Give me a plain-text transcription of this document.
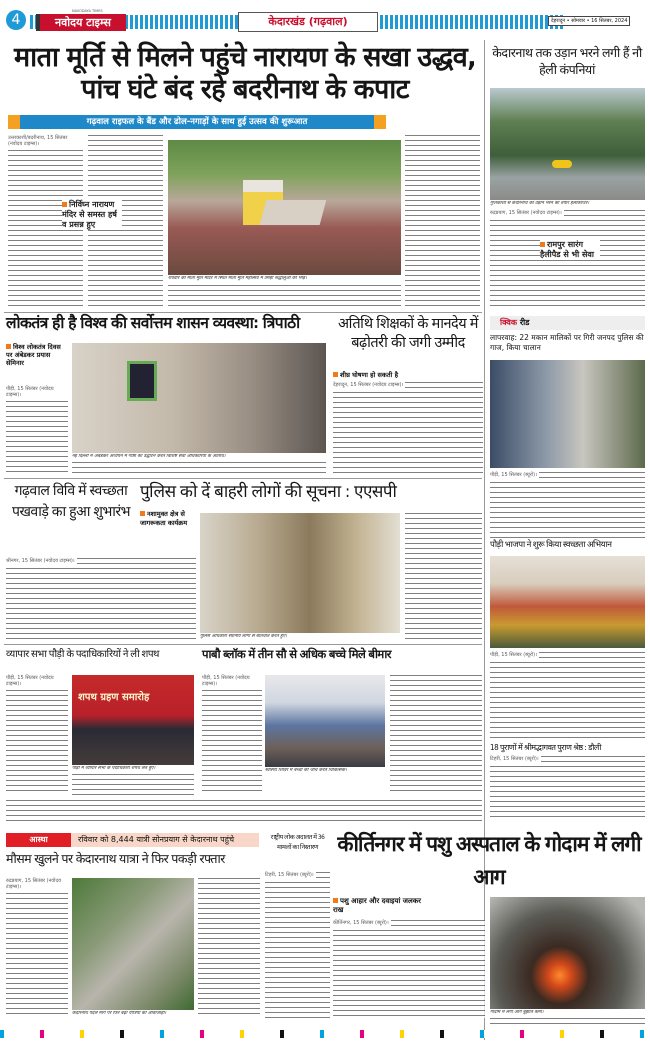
4
NAVODAYA TIMES
नवोदय टाइम्स	केदारखंड (गढ़वाल)	देहरादून • सोमवार • 16 सितंबर, 2024
माता मूर्ति से मिलने पहुंचे नारायण के सखा उद्धव, पांच घंटे बंद रहे बदरीनाथ के कपाट
गढ़वाल राइफल के बैंड और ढोल-नगाड़ों के साथ हुई उत्सव की शुरूआत
उत्तरकाशी/बदरीनाथ, 15 सितंबर (नवोदय टाइम्स)।
निर्विघ्न नारायण मंदिर से समस्त हर्ष व प्रसन्न हुए
रविवार को माता मूर्ति मंदिर में स्थित माता मूर्ति महोत्सव में उमड़ी श्रद्धालुओं की भीड़।
केदारनाथ तक उड़ान भरने लगी हैं नौ हेली कंपनियां
गुप्तकाशी से केदारनाथ को उड़ान भरने को तैयार हेलीकॉप्टर।
रुद्रप्रयाग, 15 सितंबर (नवोदय टाइम्स)।
रामपुर सारंग हैलीपैड से भी सेवा
लोकतंत्र ही है विश्व की सर्वोत्तम शासन व्यवस्था: त्रिपाठी
विश्व लोकतंत्र दिवस पर अंबेडकर प्रयास सेमिनार
पौड़ी, 15 सितंबर (नवोदय टाइम्स)।
नई दिल्ली में अंबेडकर अध्ययन में गोष्ठी का उद्घाटन करते विशिष्ट सेवा अधिकारियों के अतिथि।
अतिथि शिक्षकों के मानदेय में बढ़ोतरी की जगी उम्मीद
शीघ्र घोषणा हो सकती है
देहरादून, 15 सितंबर (नवोदय टाइम्स)।
क्विक रीड
लापरवाह: 22 मकान मालिकों पर गिरी जनपद पुलिस की गाज, किया चालान
पौड़ी, 15 सितंबर (ब्यूरो)।
पौड़ी भाजपा ने शुरू किया स्वच्छता अभियान
पौड़ी, 15 सितंबर (ब्यूरो)।
18 पुराणों में श्रीमद्भागवत पुराण श्रेष्ठ : डौली
टिहरी, 15 सितंबर (ब्यूरो)।
गढ़वाल विवि में स्वच्छता पखवाड़े का हुआ शुभारंभ
श्रीनगर, 15 सितंबर (नवोदय टाइम्स)।
पुलिस को दें बाहरी लोगों की सूचना : एएसपी
नशामुक्त क्षेत्र से जागरूकता कार्यक्रम
पुलिस अधिकारी स्थानीय लोगों से बातचीत करते हुए।
व्यापार सभा पौड़ी के पदाधिकारियों ने ली शपथ
पौड़ी, 15 सितंबर (नवोदय टाइम्स)।
शपथ ग्रहण समारोह
पौड़ी में व्यापार सभा के पदाधिकारी शपथ लेते हुए।
पाबौ ब्लॉक में तीन सौ से अधिक बच्चे मिले बीमार
पौड़ी, 15 सितंबर (नवोदय टाइम्स)।
स्वास्थ्य शिविर में बच्चों की जांच करते चिकित्सक।
आस्था	रविवार को 8,444 यात्री सोनप्रयाग से केदारनाथ पहुंचे
मौसम खुलने पर केदारनाथ यात्रा ने फिर पकड़ी रफ्तार
रुद्रप्रयाग, 15 सितंबर (नवोदय टाइम्स)।
केदारनाथ पैदल मार्ग पर फिर बढ़ी यात्रियों की आवाजाही।
राष्ट्रीय लोक अदालत में 36 मामलों का निस्तारण
टिहरी, 15 सितंबर (ब्यूरो)।
कीर्तिनगर में पशु अस्पताल के गोदाम में लगी आग
पशु आहार और दवाइयां जलकर राख
कीर्तिनगर, 15 सितंबर (ब्यूरो)।
गोदाम में लगी आग बुझाते कर्मी।
